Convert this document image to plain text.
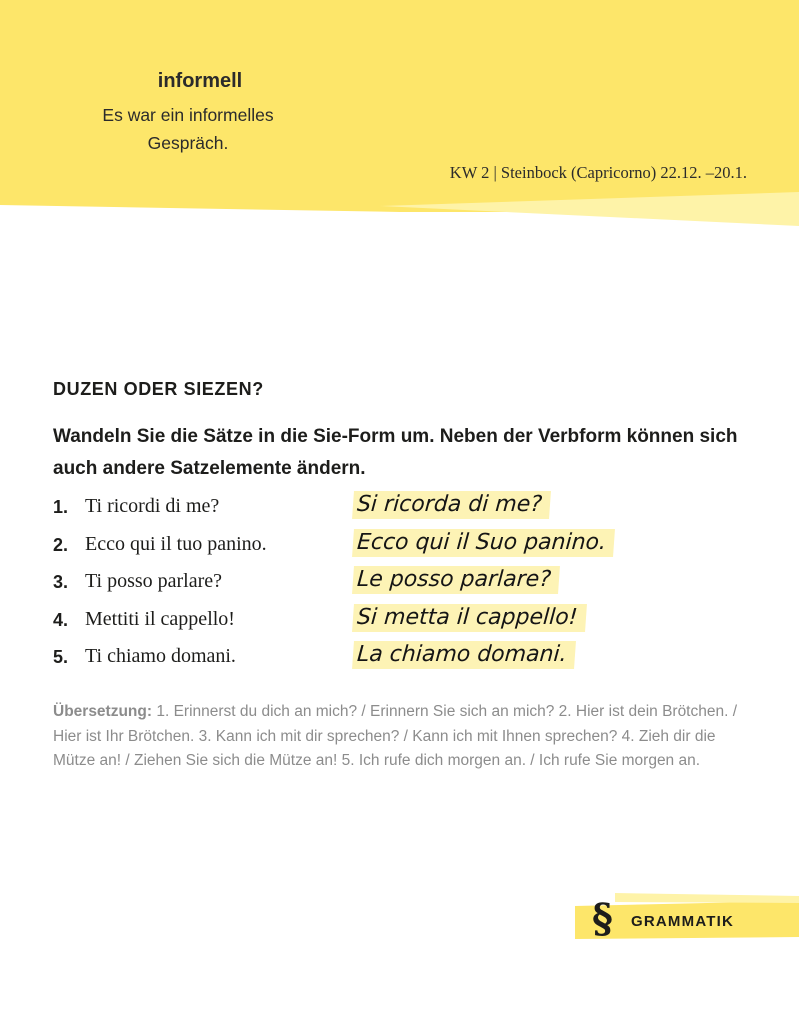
informell
Es war ein informelles Gespräch.
KW 2 | Steinbock (Capricorno) 22.12. –20.1.
DUZEN ODER SIEZEN?
Wandeln Sie die Sätze in die Sie-Form um. Neben der Verbform können sich auch andere Satzelemente ändern.
1. Ti ricordi di me?	Si ricorda di me?
2. Ecco qui il tuo panino.	Ecco qui il Suo panino.
3. Ti posso parlare?	Le posso parlare?
4. Mettiti il cappello!	Si metta il cappello!
5. Ti chiamo domani.	La chiamo domani.
Übersetzung: 1. Erinnerst du dich an mich? / Erinnern Sie sich an mich? 2. Hier ist dein Brötchen. / Hier ist Ihr Brötchen. 3. Kann ich mit dir sprechen? / Kann ich mit Ihnen sprechen? 4. Zieh dir die Mütze an! / Ziehen Sie sich die Mütze an! 5. Ich rufe dich morgen an. / Ich rufe Sie morgen an.
§ GRAMMATIK
